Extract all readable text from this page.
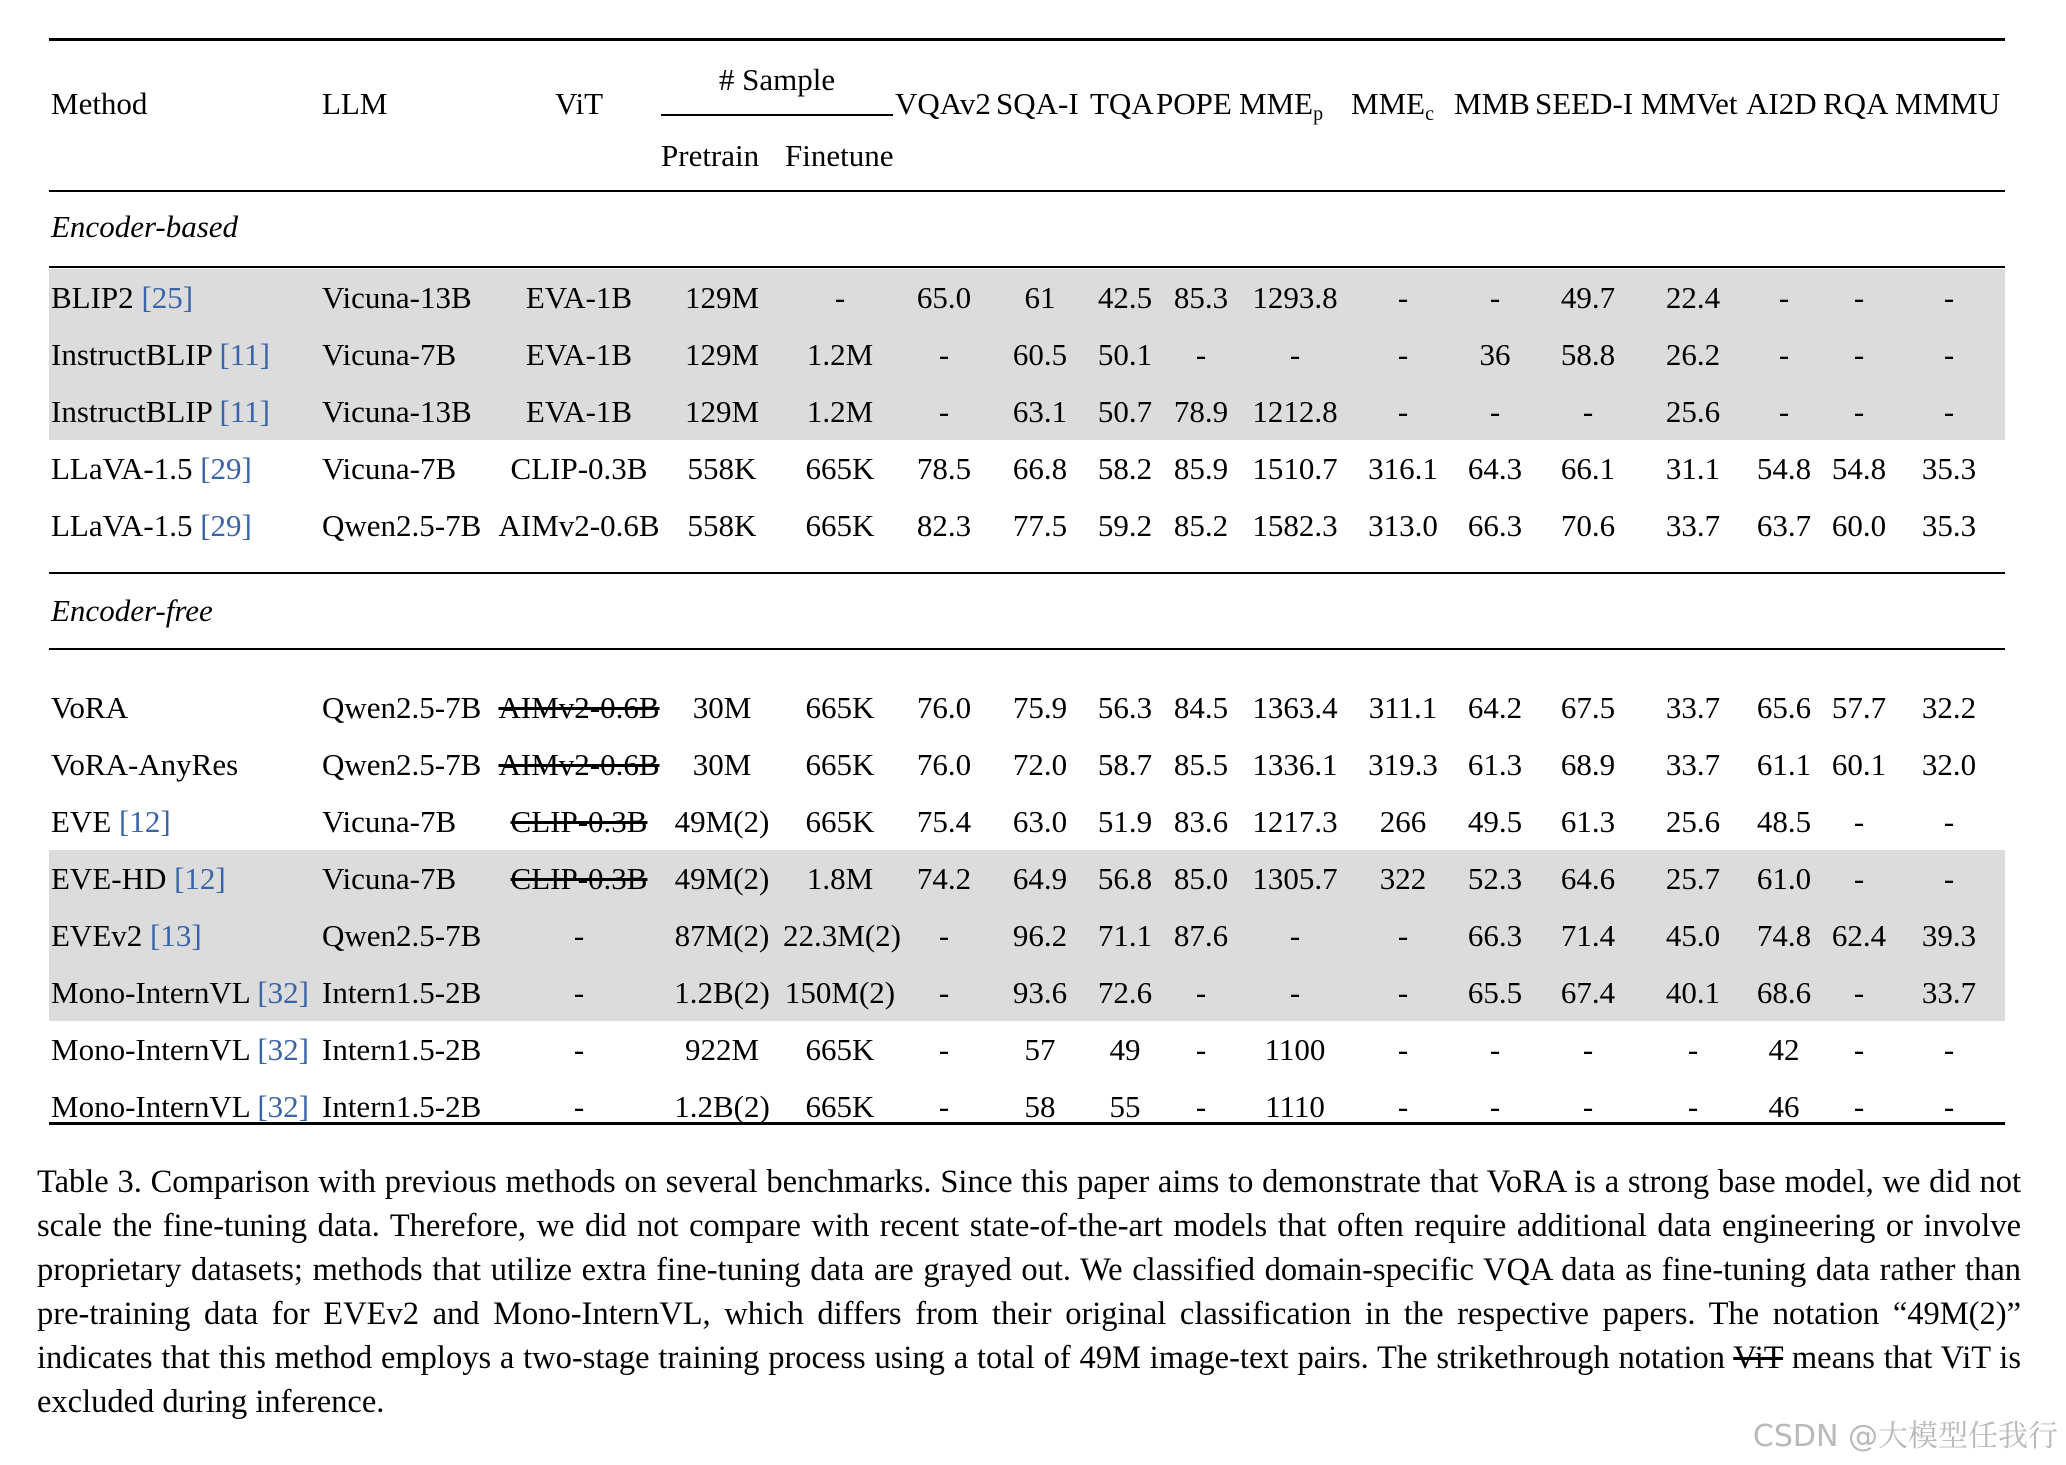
Method	LLM	ViT
# Sample
Pretrain Finetune
VQAv2 SQA-I TQA POPE $MME_p$ $MME_c$ MMB SEED-I MMVet AI2D RQA MMMU
Encoder-based
Encoder-free
BLIP2 [25]	Vicuna-13B	EVA-1B	129M	-	65.0	61	42.5 85.3 1293.8	-	-	49.7	22.4	-	-	-
InstructBLIP [11]	Vicuna-7B	EVA-1B	129M	1.2M	-	60.5 50.1	-	-	-	36	58.8	26.2	-	-	-
InstructBLIP [11]	Vicuna-13B	EVA-1B	129M	1.2M	-	63.1 50.7 78.9 1212.8	-	-	-	25.6	-	-	-
LLaVA-1.5 [29]	Vicuna-7B	CLIP-0.3B	558K	665K	78.5	66.8 58.2 85.9 1510.7 316.1 64.3	66.1	31.1	54.8 54.8	35.3
LLaVA-1.5 [29]	Qwen2.5-7B AIMv2-0.6B 558K	665K	82.3	77.5 59.2 85.2 1582.3 313.0 66.3	70.6	33.7	63.7 60.0	35.3
VoRA	Qwen2.5-7B AIMv2-0.6B	30M	665K	76.0	75.9 56.3 84.5 1363.4	311.1 64.2	67.5	33.7	65.6 57.7	32.2
VoRA-AnyRes	Qwen2.5-7B AIMv2-0.6B	30M	665K	76.0	72.0 58.7 85.5 1336.1 319.3 61.3	68.9	33.7	61.1 60.1	32.0
EVE [12]	Vicuna-7B	CLIP-0.3B 49M(2)	665K	75.4	63.0 51.9 83.6 1217.3	266	49.5	61.3	25.6	48.5	-	-
EVE-HD [12]	Vicuna-7B	CLIP-0.3B 49M(2)	1.8M	74.2	64.9 56.8 85.0 1305.7	322	52.3	64.6	25.7	61.0	-	-
EVEv2 [13]	Qwen2.5-7B	-	87M(2) 22.3M(2)	-	96.2 71.1 87.6	-	-	66.3	71.4	45.0	74.8 62.4	39.3
Mono-InternVL [32] Intern1.5-2B	-	1.2B(2) 150M(2)	-	93.6 72.6	-	-	-	65.5	67.4	40.1	68.6	-	33.7
Mono-InternVL [32] Intern1.5-2B	-	922M	665K	-	57	49	-	1100	-	-	-	-	42	-	-
Mono-InternVL [32] Intern1.5-2B	-	1.2B(2)	665K	-	58	55	-	1110	-	-	-	-	46	-	-

Table 3. Comparison with previous methods on several benchmarks. Since this paper aims to demonstrate that VoRA is a strong base model, we did not scale the fine-tuning data. Therefore, we did not compare with recent state-of-the-art models that often require additional data engineering or involve proprietary datasets; methods that utilize extra fine-tuning data are grayed out. We classified domain-specific VQA data as fine-tuning data rather than pre-training data for EVEv2 and Mono-InternVL, which differs from their original classification in the respective papers. The notation “49M(2)” indicates that this method employs a two-stage training process using a total of 49M image-text pairs. The strikethrough notation ViT means that ViT is excluded during inference.

CSDN @大模型任我行
